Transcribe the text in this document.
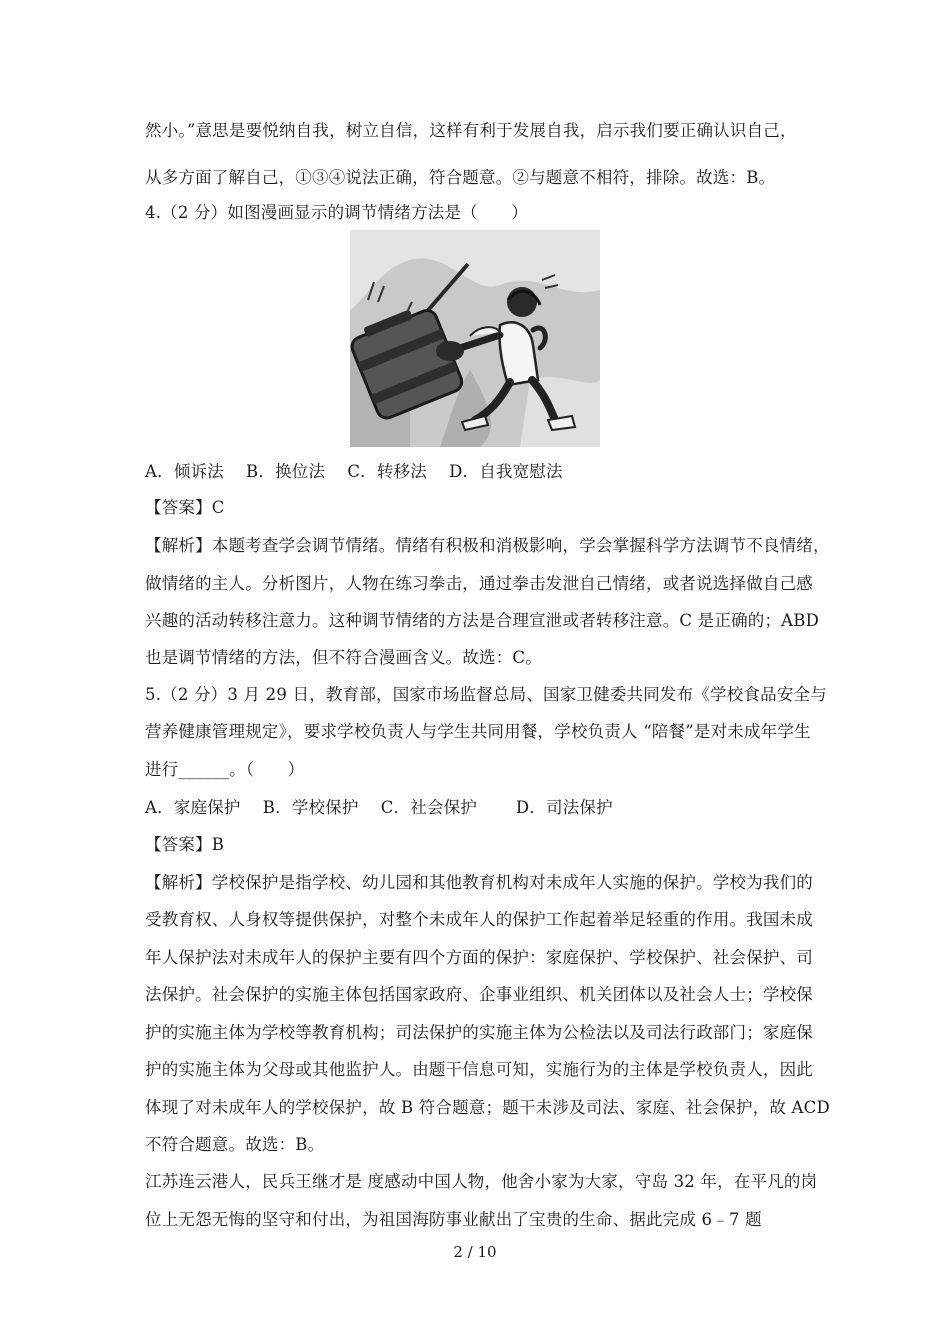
然小。”意思是要悦纳自我，树立自信，这样有利于发展自我，启示我们要正确认识自己，
从多方面了解自己，①③④说法正确，符合题意。②与题意不相符，排除。故选：B。
4.（2 分）如图漫画显示的调节情绪方法是（　　）
A．倾诉法　 B．换位法　 C．转移法　 D．自我宽慰法
【答案】C
【解析】本题考查学会调节情绪。情绪有积极和消极影响，学会掌握科学方法调节不良情绪，
做情绪的主人。分析图片，人物在练习拳击，通过拳击发泄自己情绪，或者说选择做自己感
兴趣的活动转移注意力。这种调节情绪的方法是合理宣泄或者转移注意。C 是正确的；ABD
也是调节情绪的方法，但不符合漫画含义。故选：C。
5.（2 分）3 月 29 日，教育部，国家市场监督总局、国家卫健委共同发布《学校食品安全与
营养健康管理规定》，要求学校负责人与学生共同用餐，学校负责人 “陪餐”是对未成年学生
进行______。（　　）
A．家庭保护　 B．学校保护　 C．社会保护　　 D．司法保护
【答案】B
【解析】学校保护是指学校、幼儿园和其他教育机构对未成年人实施的保护。学校为我们的
受教育权、人身权等提供保护，对整个未成年人的保护工作起着举足轻重的作用。我国未成
年人保护法对未成年人的保护主要有四个方面的保护：家庭保护、学校保护、社会保护、司
法保护。社会保护的实施主体包括国家政府、企事业组织、机关团体以及社会人士；学校保
护的实施主体为学校等教育机构；司法保护的实施主体为公检法以及司法行政部门；家庭保
护的实施主体为父母或其他监护人。由题干信息可知，实施行为的主体是学校负责人，因此
体现了对未成年人的学校保护，故 B 符合题意；题干未涉及司法、家庭、社会保护，故 ACD
不符合题意。故选：B。
江苏连云港人，民兵王继才是 度感动中国人物，他舍小家为大家，守岛 32 年，在平凡的岗
位上无怨无悔的坚守和付出，为祖国海防事业献出了宝贵的生命、据此完成 6﹣7 题
2 / 10
